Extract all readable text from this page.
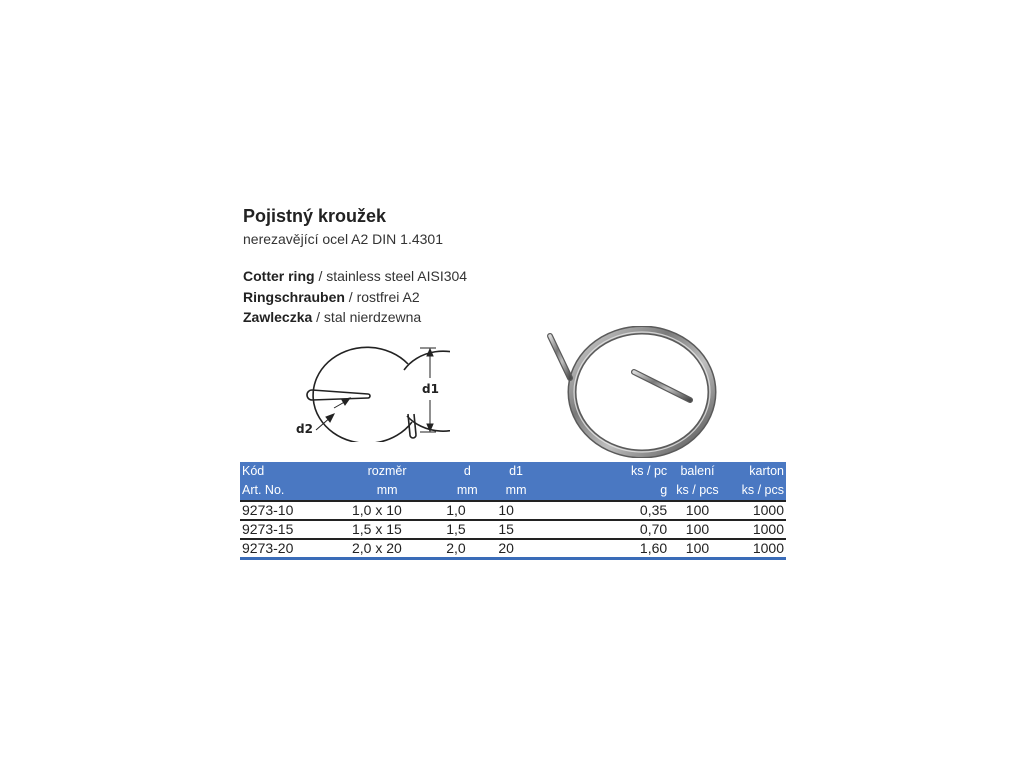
Pojistný kroužek
nerezavějící ocel A2 DIN 1.4301
Cotter ring / stainless steel AISI304
Ringschrauben / rostfrei A2
Zawleczka / stal nierdzewna
d1
d2
Kód	rozměr	d	d1		ks / pc	balení	karton
Art. No.	mm	mm	mm		g	ks / pcs	ks / pcs
9273-10	1,0 x 10	1,0	10		0,35	100	1000
9273-15	1,5 x 15	1,5	15		0,70	100	1000
9273-20	2,0 x 20	2,0	20		1,60	100	1000
